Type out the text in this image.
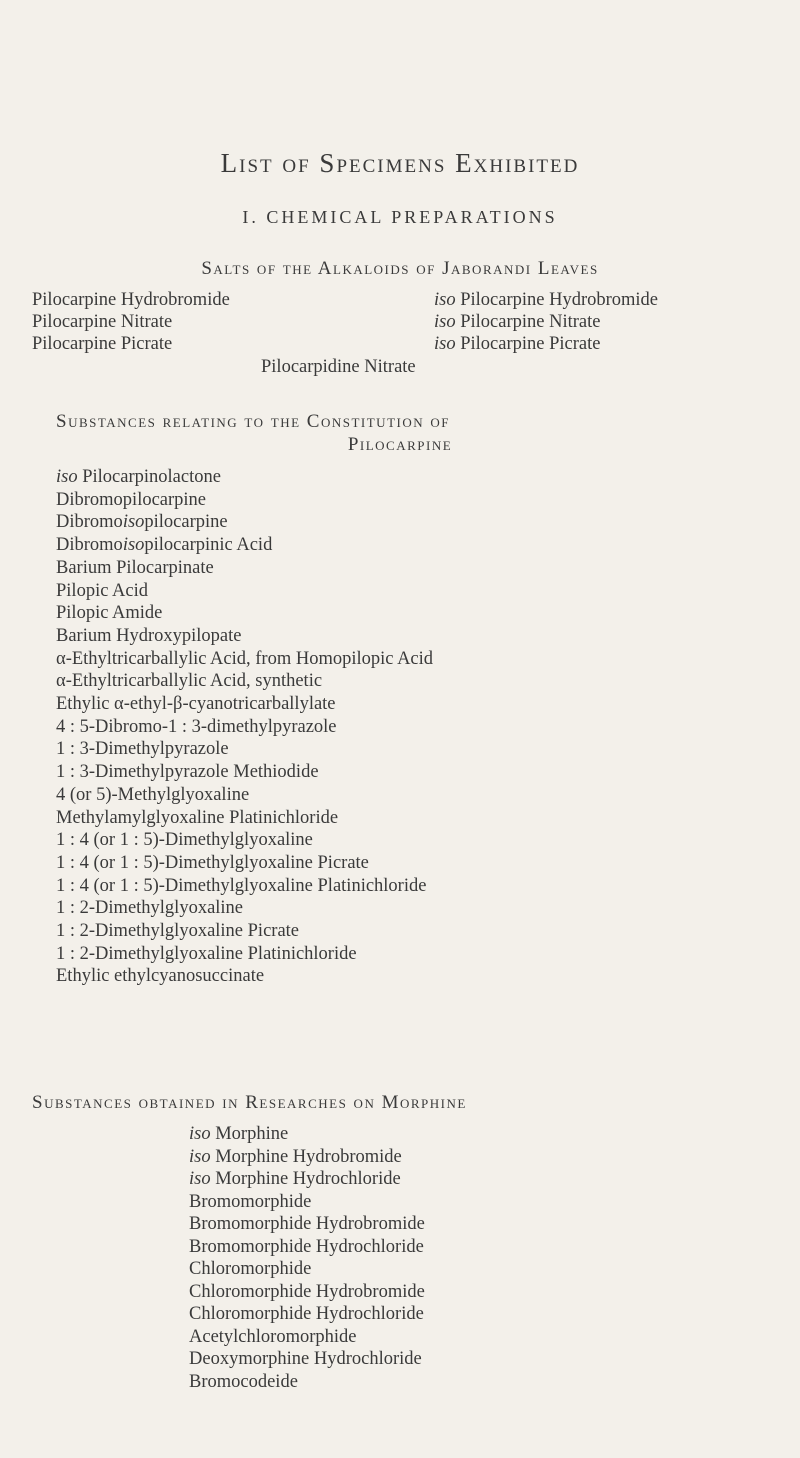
List of Specimens Exhibited
I. CHEMICAL PREPARATIONS
Salts of the Alkaloids of Jaborandi Leaves
Pilocarpine Hydrobromide
Pilocarpine Nitrate
Pilocarpine Picrate
iso Pilocarpine Hydrobromide
iso Pilocarpine Nitrate
iso Pilocarpine Picrate
Pilocarpidine Nitrate
Substances relating to the Constitution of
Pilocarpine
iso Pilocarpinolactone
Dibromopilocarpine
Dibromoisopilocarpine
Dibromoisopilocarpinic Acid
Barium Pilocarpinate
Pilopic Acid
Pilopic Amide
Barium Hydroxypilopate
α-Ethyltricarballylic Acid, from Homopilopic Acid
α-Ethyltricarballylic Acid, synthetic
Ethylic α-ethyl-β-cyanotricarballylate
4 : 5-Dibromo-1 : 3-dimethylpyrazole
1 : 3-Dimethylpyrazole
1 : 3-Dimethylpyrazole Methiodide
4 (or 5)-Methylglyoxaline
Methylamylglyoxaline Platinichloride
1 : 4 (or 1 : 5)-Dimethylglyoxaline
1 : 4 (or 1 : 5)-Dimethylglyoxaline Picrate
1 : 4 (or 1 : 5)-Dimethylglyoxaline Platinichloride
1 : 2-Dimethylglyoxaline
1 : 2-Dimethylglyoxaline Picrate
1 : 2-Dimethylglyoxaline Platinichloride
Ethylic ethylcyanosuccinate
Substances obtained in Researches on Morphine
iso Morphine
iso Morphine Hydrobromide
iso Morphine Hydrochloride
Bromomorphide
Bromomorphide Hydrobromide
Bromomorphide Hydrochloride
Chloromorphide
Chloromorphide Hydrobromide
Chloromorphide Hydrochloride
Acetylchloromorphide
Deoxymorphine Hydrochloride
Bromocodeide
